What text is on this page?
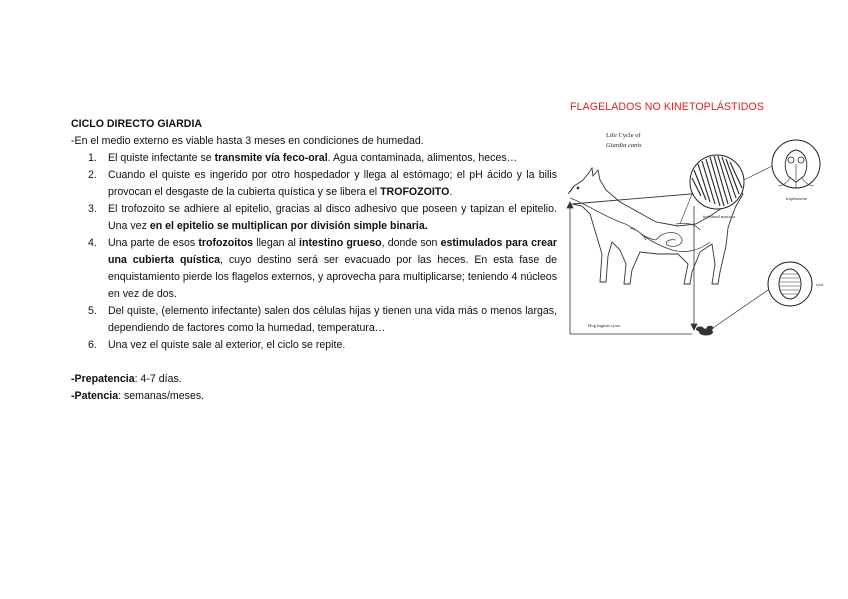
CICLO DIRECTO GIARDIA

-En el medio externo es viable hasta 3 meses en condiciones de humedad.

1. El quiste infectante se transmite vía feco-oral. Agua contaminada, alimentos, heces…
2. Cuando el quiste es ingerido por otro hospedador y llega al estómago; el pH ácido y la bilis provocan el desgaste de la cubierta quística y se libera el TROFOZOITO.
3. El trofozoito se adhiere al epitelio, gracias al disco adhesivo que poseen y tapizan el epitelio. Una vez en el epitelio se multiplican por división simple binaria.
4. Una parte de esos trofozoitos llegan al intestino grueso, donde son estimulados para crear una cubierta quística, cuyo destino será ser evacuado por las heces. En esta fase de enquistamiento pierde los flagelos externos, y aprovecha para multiplicarse; teniendo 4 núcleos en vez de dos.
5. Del quiste, (elemento infectante) salen dos células hijas y tienen una vida más o menos largas, dependiendo de factores como la humedad, temperatura…
6. Una vez el quiste sale al exterior, el ciclo se repite.

-Prepatencia: 4-7 días.

-Patencia: semanas/meses.

FLAGELADOS NO KINETOPLÁSTIDOS
Life Cycle of
Giardia canis
intestinal mucosa
trophozoite
cyst
Dog ingests cysts
